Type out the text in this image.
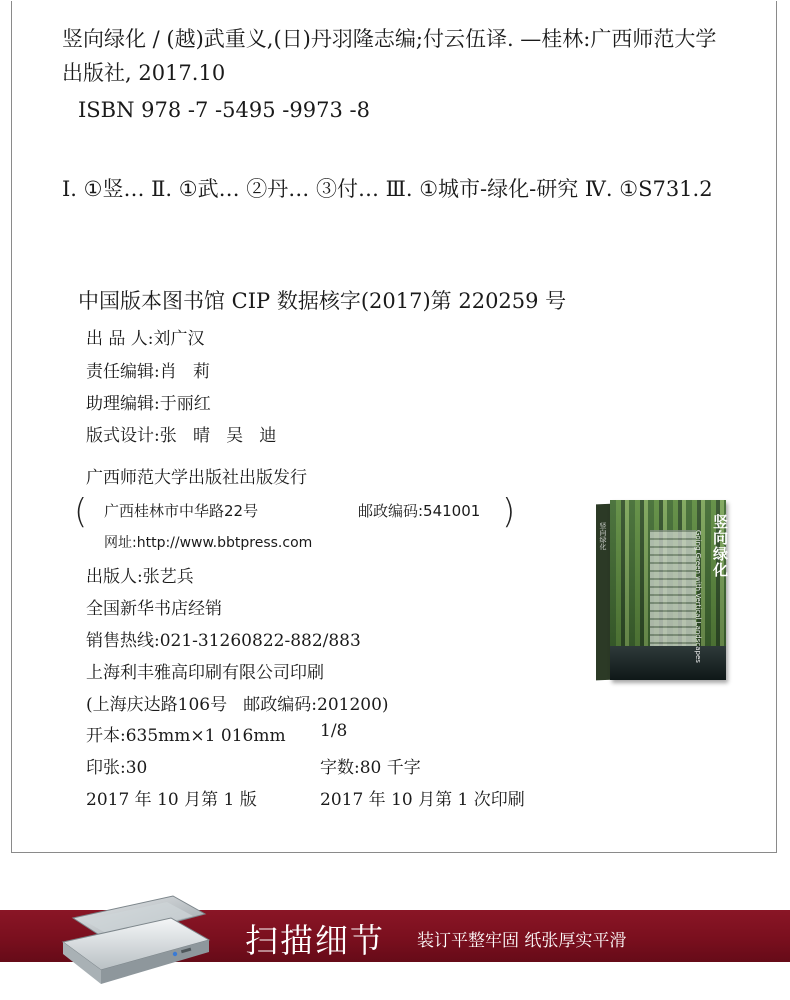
竖向绿化 / (越)武重义,(日)丹羽隆志编;付云伍译. —桂林:广西师范大学出版社, 2017.10
ISBN 978 -7 -5495 -9973 -8
Ⅰ. ①竖… Ⅱ. ①武… ②丹… ③付… Ⅲ. ①城市-绿化-研究 Ⅳ. ①S731.2
中国版本图书馆 CIP 数据核字(2017)第 220259 号
出 品 人:刘广汉
责任编辑:肖   莉
助理编辑:于丽红
版式设计:张   晴   吴   迪
广西师范大学出版社出版发行
(	)
广西桂林市中华路22号	邮政编码:541001
网址:http://www.bbtpress.com
出版人:张艺兵
全国新华书店经销
销售热线:021-31260822-882/883
上海利丰雅高印刷有限公司印刷
(上海庆达路106号   邮政编码:201200)
开本:635mm×1 016mm 1/8
印张:30	字数:80 千字
2017 年 10 月第 1 版	2017 年 10 月第 1 次印刷
竖向绿化	竖向绿化
Going Green with Vertical Landscapes
扫描细节 装订平整牢固 纸张厚实平滑
